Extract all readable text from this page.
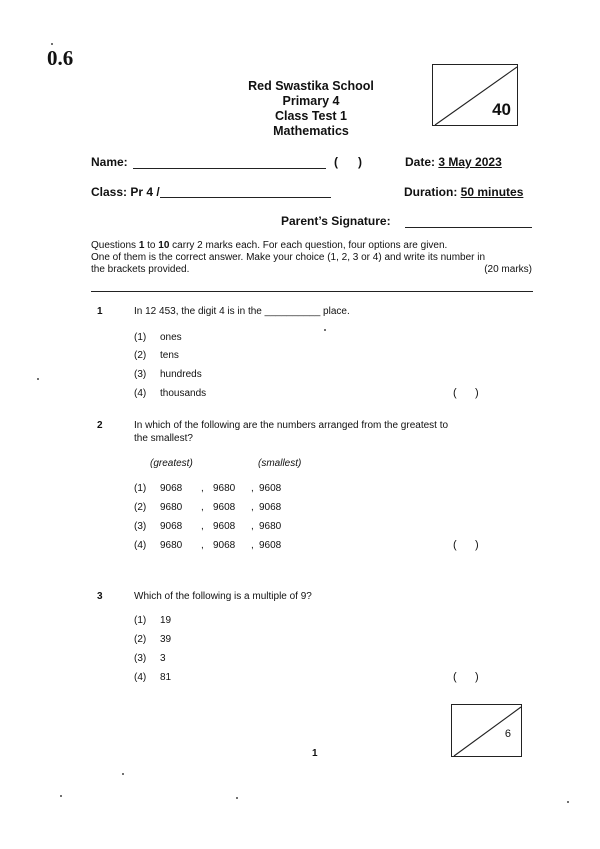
0.6
Red Swastika School
Primary 4
Class Test 1
Mathematics
40
Name:	(      )	Date: 3 May 2023
Class: Pr 4 /	Duration: 50 minutes
Parent’s Signature:
Questions 1 to 10 carry 2 marks each. For each question, four options are given.
One of them is the correct answer. Make your choice (1, 2, 3 or 4) and write its number in
the brackets provided.	(20 marks)
1	In 12 453, the digit 4 is in the __________ place.
(1) ones
(2) tens
(3) hundreds
(4) thousands	(      )
2	In which of the following are the numbers arranged from the greatest to
the smallest?
(greatest)	(smallest)
(1) 9068 , 9680 , 9608
(2) 9680 , 9608 , 9068
(3) 9068 , 9608 , 9680
(4) 9680 , 9068 , 9608	(      )
3	Which of the following is a multiple of 9?
(1) 19
(2) 39
(3) 3
(4) 81	(      )
6
1
